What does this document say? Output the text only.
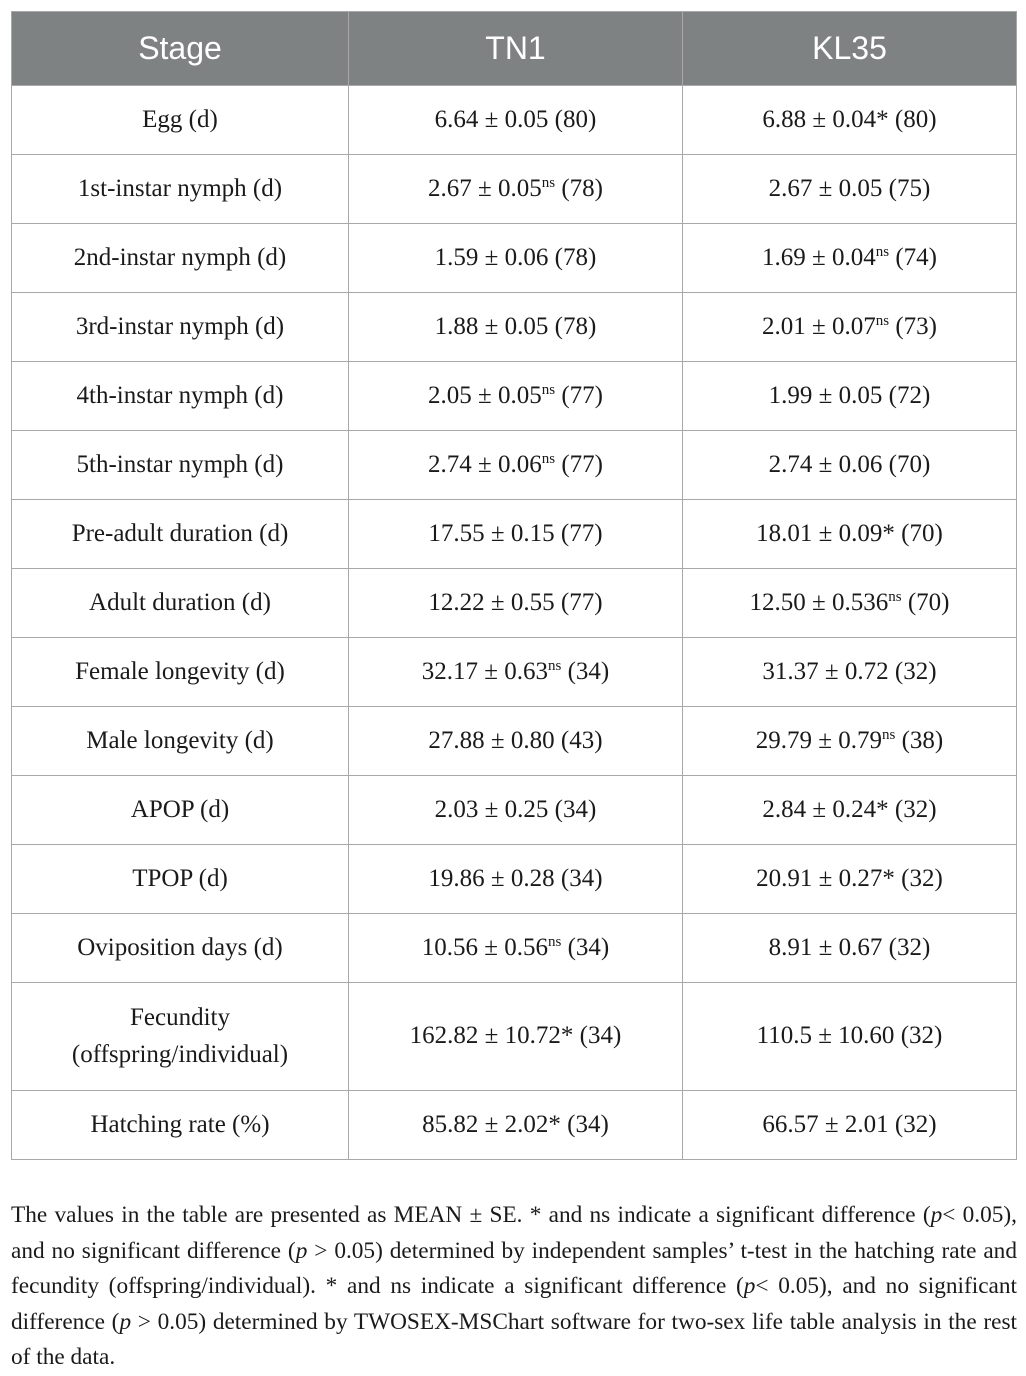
Stage	TN1	KL35

Egg (d)	6.64 ± 0.05 (80)	6.88 ± 0.04* (80)

1st-instar nymph (d)	$2.67 \pm 0.05^{ns}$ (78)	2.67 ± 0.05 (75)

2nd-instar nymph (d)	1.59 ± 0.06 (78)	$1.69 \pm 0.04^{ns}$ (74)

3rd-instar nymph (d)	1.88 ± 0.05 (78)	$2.01 \pm 0.07^{ns}$ (73)

4th-instar nymph (d)	$2.05 \pm 0.05^{ns}$ (77)	1.99 ± 0.05 (72)

5th-instar nymph (d)	$2.74 \pm 0.06^{ns}$ (77)	2.74 ± 0.06 (70)

Pre-adult duration (d)	17.55 ± 0.15 (77)	18.01 ± 0.09* (70)

Adult duration (d)	12.22 ± 0.55 (77)	$12.50 \pm 0.536^{ns}$ (70)

Female longevity (d)	$32.17 \pm 0.63^{ns}$ (34)	31.37 ± 0.72 (32)

Male longevity (d)	27.88 ± 0.80 (43)	$29.79 \pm 0.79^{ns}$ (38)

APOP (d)	2.03 ± 0.25 (34)	2.84 ± 0.24* (32)

TPOP (d)	19.86 ± 0.28 (34)	20.91 ± 0.27* (32)

Oviposition days (d)	$10.56 \pm 0.56^{ns}$ (34)	8.91 ± 0.67 (32)

Fecundity
(offspring/individual)	162.82 ± 10.72* (34)	110.5 ± 10.60 (32)

Hatching rate (%)	85.82 ± 2.02* (34)	66.57 ± 2.01 (32)

The values in the table are presented as MEAN ± SE. * and ns indicate a significant difference (p< 0.05), and no significant difference (p > 0.05) determined by independent samples’ t-test in the hatching rate and fecundity (offspring/individual). * and ns indicate a significant difference (p< 0.05), and no significant difference (p > 0.05) determined by TWOSEX-MSChart software for two-sex life table analysis in the rest of the data.
